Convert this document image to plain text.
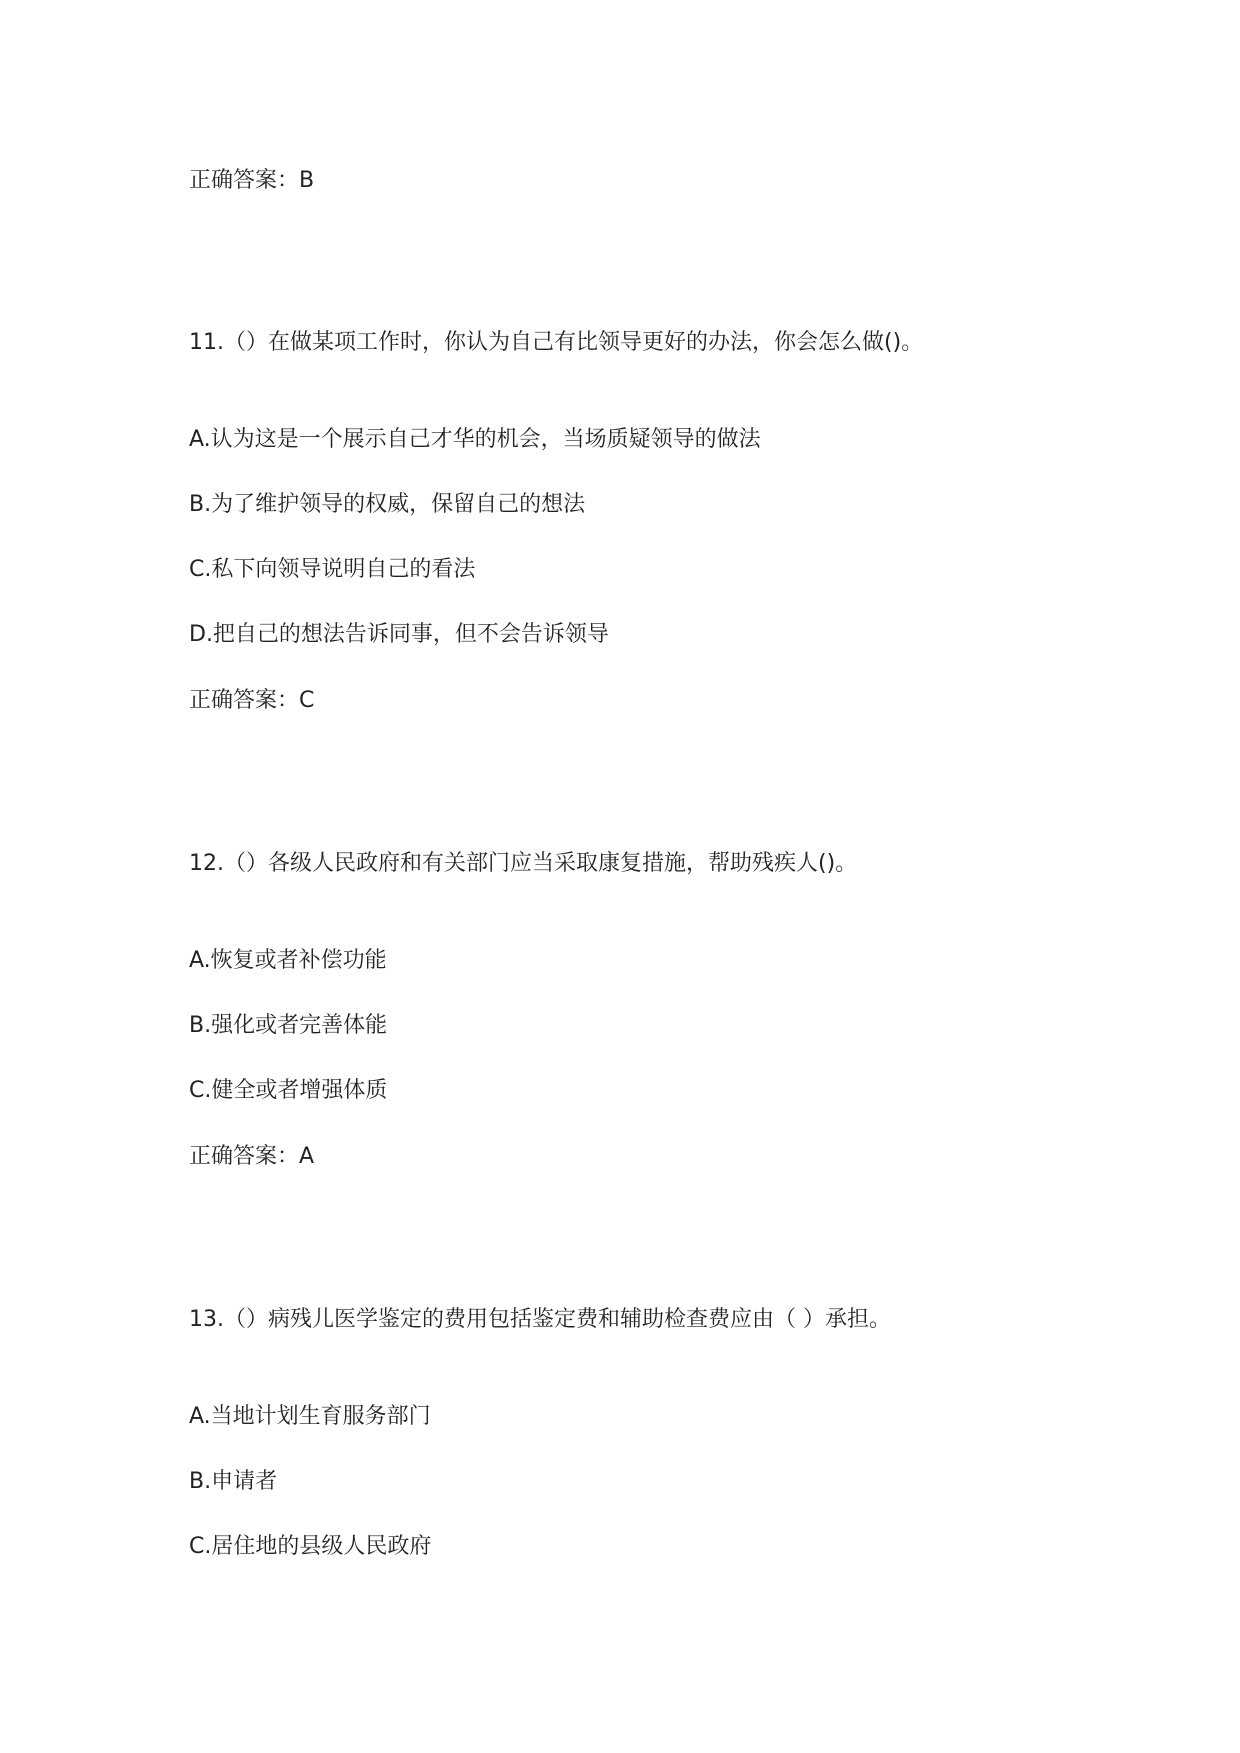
正确答案：B
11.（）在做某项工作时，你认为自己有比领导更好的办法，你会怎么做()。
A.认为这是一个展示自己才华的机会，当场质疑领导的做法
B.为了维护领导的权威，保留自己的想法
C.私下向领导说明自己的看法
D.把自己的想法告诉同事，但不会告诉领导
正确答案：C
12.（）各级人民政府和有关部门应当采取康复措施，帮助残疾人()。
A.恢复或者补偿功能
B.强化或者完善体能
C.健全或者增强体质
正确答案：A
13.（）病残儿医学鉴定的费用包括鉴定费和辅助检查费应由（ ）承担。
A.当地计划生育服务部门
B.申请者
C.居住地的县级人民政府
